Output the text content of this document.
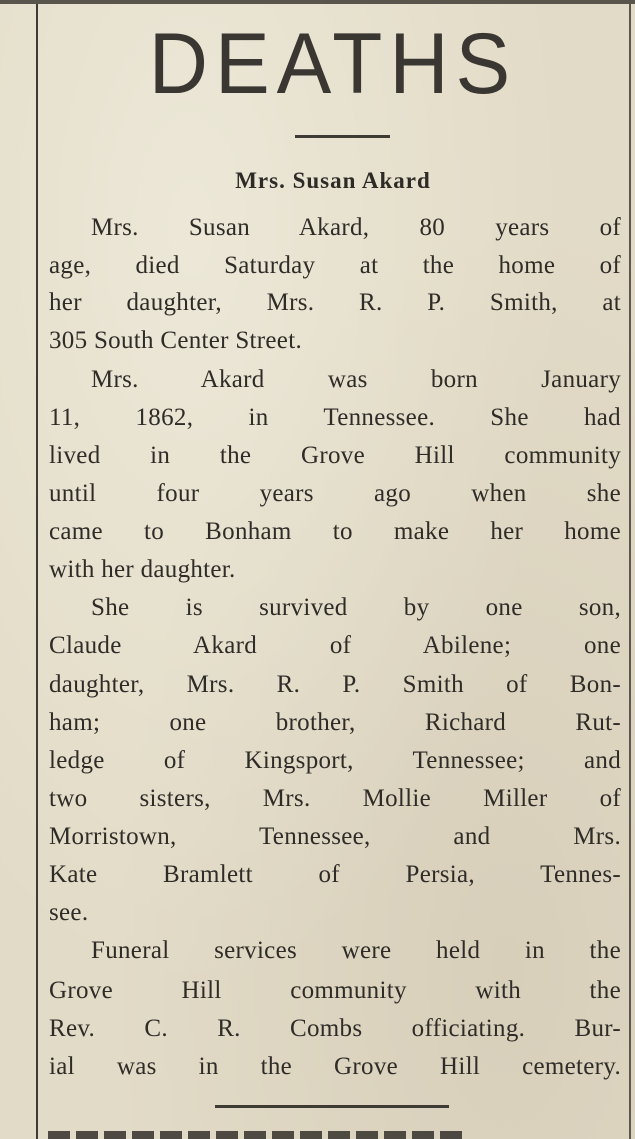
DEATHS
Mrs. Susan Akard
Mrs. Susan Akard, 80 years of
age, died Saturday at the home of
her daughter, Mrs. R. P. Smith, at
305 South Center Street.
Mrs. Akard was born January
11, 1862, in Tennessee. She had
lived in the Grove Hill community
until four years ago when she
came to Bonham to make her home
with her daughter.
She is survived by one son,
Claude Akard of Abilene; one
daughter, Mrs. R. P. Smith of Bon-
ham; one brother, Richard Rut-
ledge of Kingsport, Tennessee; and
two sisters, Mrs. Mollie Miller of
Morristown, Tennessee, and Mrs.
Kate Bramlett of Persia, Tennes-
see.
Funeral services were held in the
Grove Hill community with the
Rev. C. R. Combs officiating. Bur-
ial was in the Grove Hill cemetery.
